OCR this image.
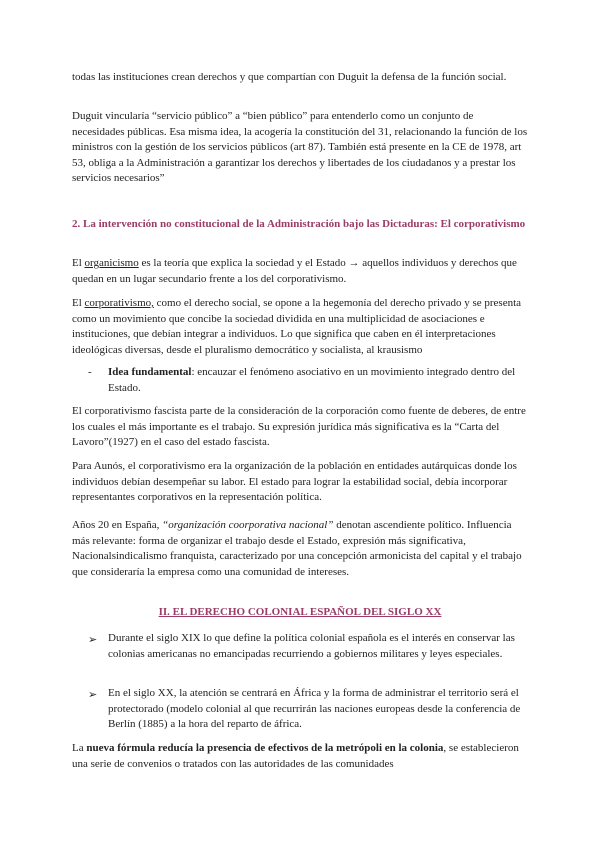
todas las instituciones crean derechos y que compartían con Duguit la defensa de la función social.

Duguit vincularía “servicio público” a “bien público” para entenderlo como un conjunto de necesidades públicas. Esa misma idea, la acogería la constitución del 31, relacionando la función de los ministros con la gestión de los servicios públicos (art 87). También está presente en la CE de 1978, art 53, obliga a la Administración a garantizar los derechos y libertades de los ciudadanos y a prestar los servicios necesarios”

2. La intervención no constitucional de la Administración bajo las Dictaduras: El corporativismo

El organicismo es la teoría que explica la sociedad y el Estado → aquellos individuos y derechos que quedan en un lugar secundario frente a los del corporativismo.

El corporativismo, como el derecho social, se opone a la hegemonía del derecho privado y se presenta como un movimiento que concibe la sociedad dividida en una multiplicidad de asociaciones e instituciones, que debían integrar a individuos. Lo que significa que caben en él interpretaciones ideológicas diversas, desde el pluralismo democrático y socialista, al krausismo

- Idea fundamental: encauzar el fenómeno asociativo en un movimiento integrado dentro del Estado.

El corporativismo fascista parte de la consideración de la corporación como fuente de deberes, de entre los cuales el más importante es el trabajo. Su expresión jurídica más significativa es la “Carta del Lavoro”(1927) en el caso del estado fascista.

Para Aunós, el corporativismo era la organización de la población en entidades autárquicas donde los individuos debían desempeñar su labor. El estado para lograr la estabilidad social, debía incorporar representantes corporativos en la representación política.

Años 20 en España, “organización coorporativa nacional” denotan ascendiente político. Influencia más relevante: forma de organizar el trabajo desde el Estado, expresión más significativa, Nacionalsindicalismo franquista, caracterizado por una concepción armonicista del capital y el trabajo que consideraría la empresa como una comunidad de intereses.

II. EL DERECHO COLONIAL ESPAÑOL DEL SIGLO XX

➢ Durante el siglo XIX lo que define la política colonial española es el interés en conservar las colonias americanas no emancipadas recurriendo a gobiernos militares y leyes especiales.

➢ En el siglo XX, la atención se centrará en África y la forma de administrar el territorio será el protectorado (modelo colonial al que recurrirán las naciones europeas desde la conferencia de Berlín (1885) a la hora del reparto de áfrica.

La nueva fórmula reducía la presencia de efectivos de la metrópoli en la colonia, se establecieron una serie de convenios o tratados con las autoridades de las comunidades
